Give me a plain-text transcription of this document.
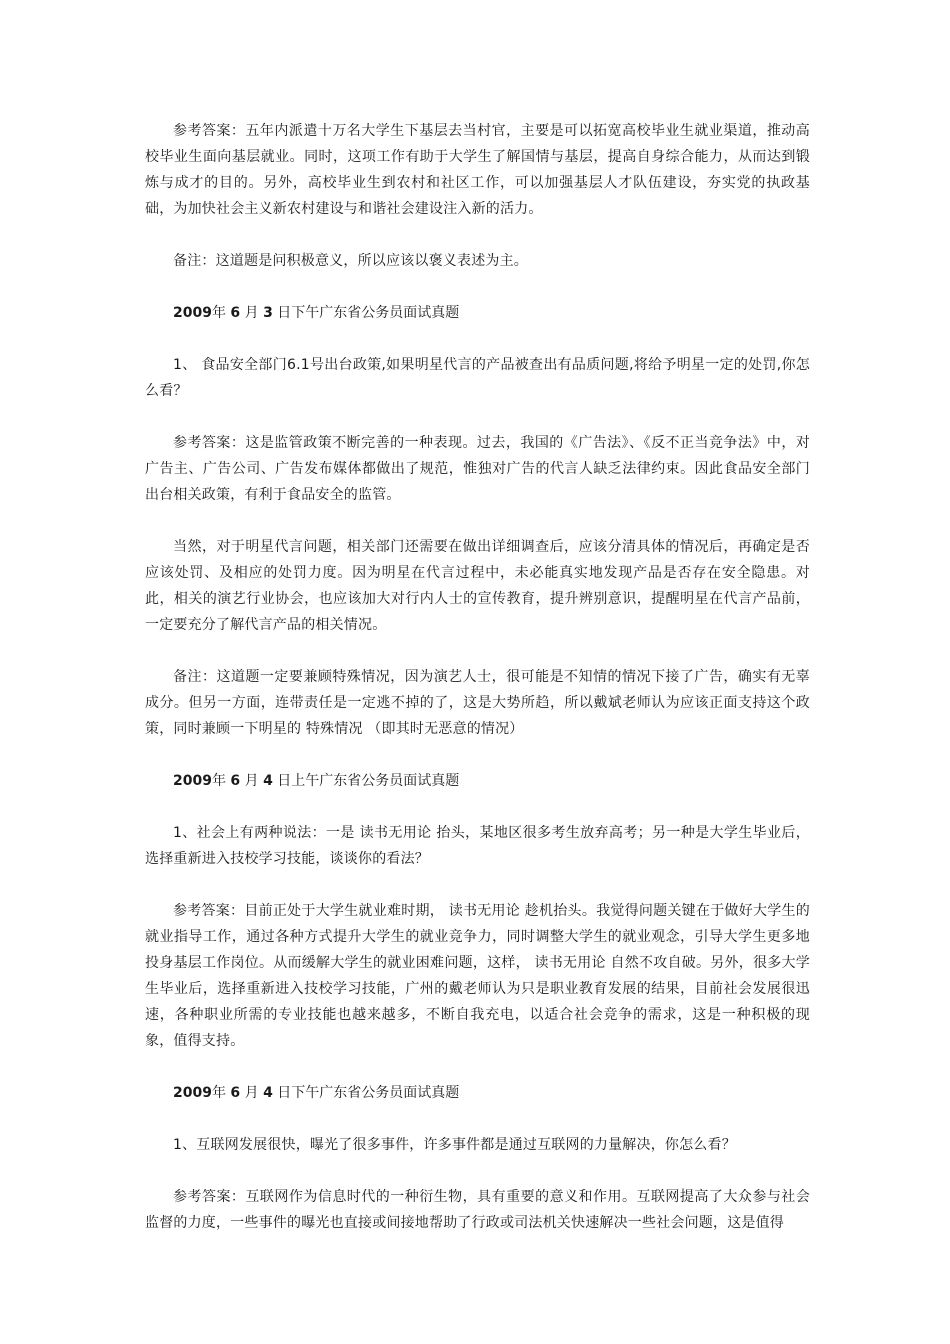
参考答案：五年内派遣十万名大学生下基层去当村官，主要是可以拓宽高校毕业生就业渠道，推动高校毕业生面向基层就业。同时，这项工作有助于大学生了解国情与基层，提高自身综合能力，从而达到锻炼与成才的目的。另外，高校毕业生到农村和社区工作，可以加强基层人才队伍建设，夯实党的执政基础，为加快社会主义新农村建设与和谐社会建设注入新的活力。

备注：这道题是问积极意义，所以应该以褒义表述为主。

2009年 6 月 3 日下午广东省公务员面试真题

1、 食品安全部门6.1号出台政策,如果明星代言的产品被查出有品质问题,将给予明星一定的处罚,你怎么看？

参考答案：这是监管政策不断完善的一种表现。过去，我国的《广告法》、《反不正当竞争法》中，对广告主、广告公司、广告发布媒体都做出了规范，惟独对广告的代言人缺乏法律约束。因此食品安全部门出台相关政策，有利于食品安全的监管。

当然，对于明星代言问题，相关部门还需要在做出详细调查后，应该分清具体的情况后，再确定是否应该处罚、及相应的处罚力度。因为明星在代言过程中，未必能真实地发现产品是否存在安全隐患。对此，相关的演艺行业协会，也应该加大对行内人士的宣传教育，提升辨别意识，提醒明星在代言产品前，一定要充分了解代言产品的相关情况。

备注：这道题一定要兼顾特殊情况，因为演艺人士，很可能是不知情的情况下接了广告，确实有无辜成分。但另一方面，连带责任是一定逃不掉的了，这是大势所趋，所以戴斌老师认为应该正面支持这个政策，同时兼顾一下明星的 特殊情况 （即其时无恶意的情况）

2009年 6 月 4 日上午广东省公务员面试真题

1、社会上有两种说法：一是 读书无用论 抬头，某地区很多考生放弃高考；另一种是大学生毕业后，选择重新进入技校学习技能，谈谈你的看法？

参考答案：目前正处于大学生就业难时期， 读书无用论 趁机抬头。我觉得问题关键在于做好大学生的就业指导工作，通过各种方式提升大学生的就业竞争力，同时调整大学生的就业观念，引导大学生更多地投身基层工作岗位。从而缓解大学生的就业困难问题，这样， 读书无用论 自然不攻自破。另外，很多大学生毕业后，选择重新进入技校学习技能，广州的戴老师认为只是职业教育发展的结果，目前社会发展很迅速，各种职业所需的专业技能也越来越多，不断自我充电，以适合社会竞争的需求，这是一种积极的现象，值得支持。

2009年 6 月 4 日下午广东省公务员面试真题

1、互联网发展很快，曝光了很多事件，许多事件都是通过互联网的力量解决，你怎么看？

参考答案：互联网作为信息时代的一种衍生物，具有重要的意义和作用。互联网提高了大众参与社会监督的力度，一些事件的曝光也直接或间接地帮助了行政或司法机关快速解决一些社会问题，这是值得
